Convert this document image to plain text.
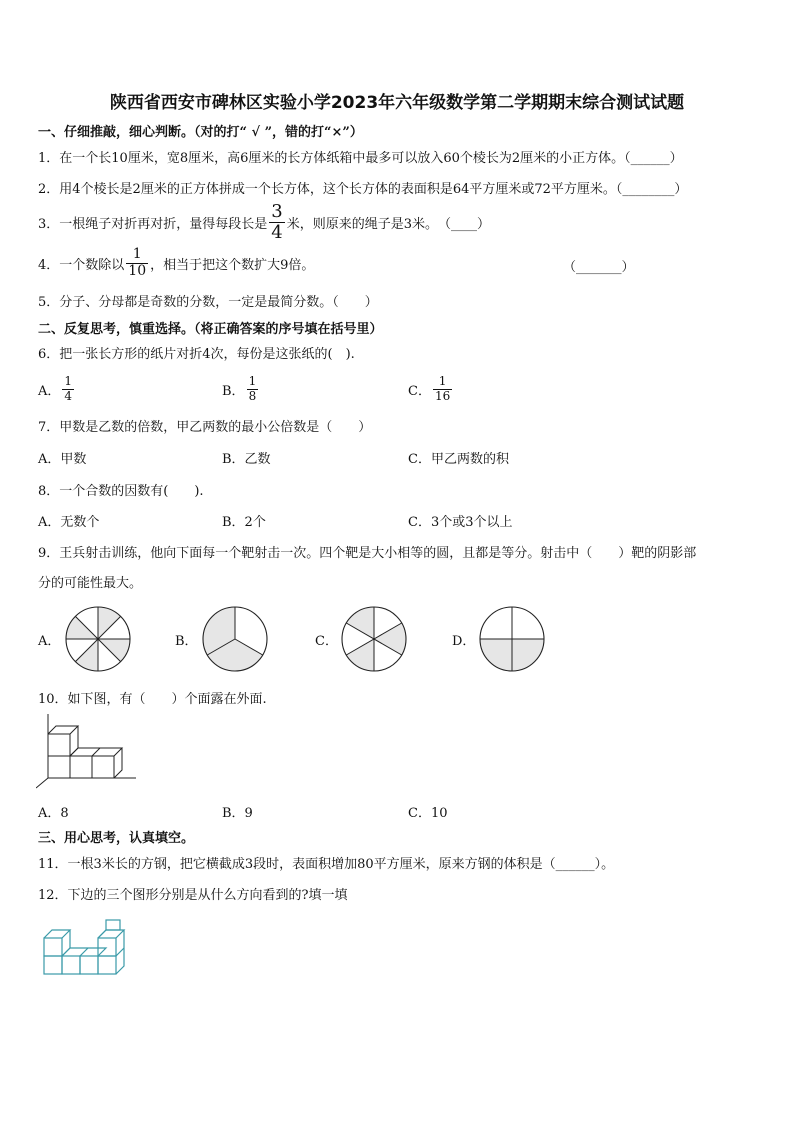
陕西省西安市碑林区实验小学2023年六年级数学第二学期期末综合测试试题
一、仔细推敲，细心判断。（对的打“ √ ”，错的打“×”）
1．在一个长10厘米，宽8厘米，高6厘米的长方体纸箱中最多可以放入60个棱长为2厘米的小正方体。（______）
2．用4个棱长是2厘米的正方体拼成一个长方体，这个长方体的表面积是64平方厘米或72平方厘米。（________）
3．一根绳子对折再对折，量得每段长是 $\frac{3}{4}$ 米，则原来的绳子是3米。　（____）
4．一个数除以 $\frac{1}{10}$ ，相当于把这个数扩大9倍。	（_______）
5．分子、分母都是奇数的分数，一定是最简分数。（　　）
二、反复思考，慎重选择。（将正确答案的序号填在括号里）
6．把一张长方形的纸片对折4次，每份是这张纸的(　).
A． $\frac{1}{4}$	B． $\frac{1}{8}$	C． $\frac{1}{16}$
7．甲数是乙数的倍数，甲乙两数的最小公倍数是（　　）
A．甲数	B．乙数	C．甲乙两数的积
8．一个合数的因数有(　　).
A．无数个	B．2个	C．3个或3个以上
9．王兵射击训练，他向下面每一个靶射击一次。四个靶是大小相等的圆，且都是等分。射击中（　　）靶的阴影部
分的可能性最大。
A．	B．	C．	D．
10．如下图，有（　　）个面露在外面.
A．8	B．9	C．10
三、用心思考，认真填空。
11．一根3米长的方钢，把它横截成3段时，表面积增加80平方厘米，原来方钢的体积是（______）。
12．下边的三个图形分别是从什么方向看到的?填一填
